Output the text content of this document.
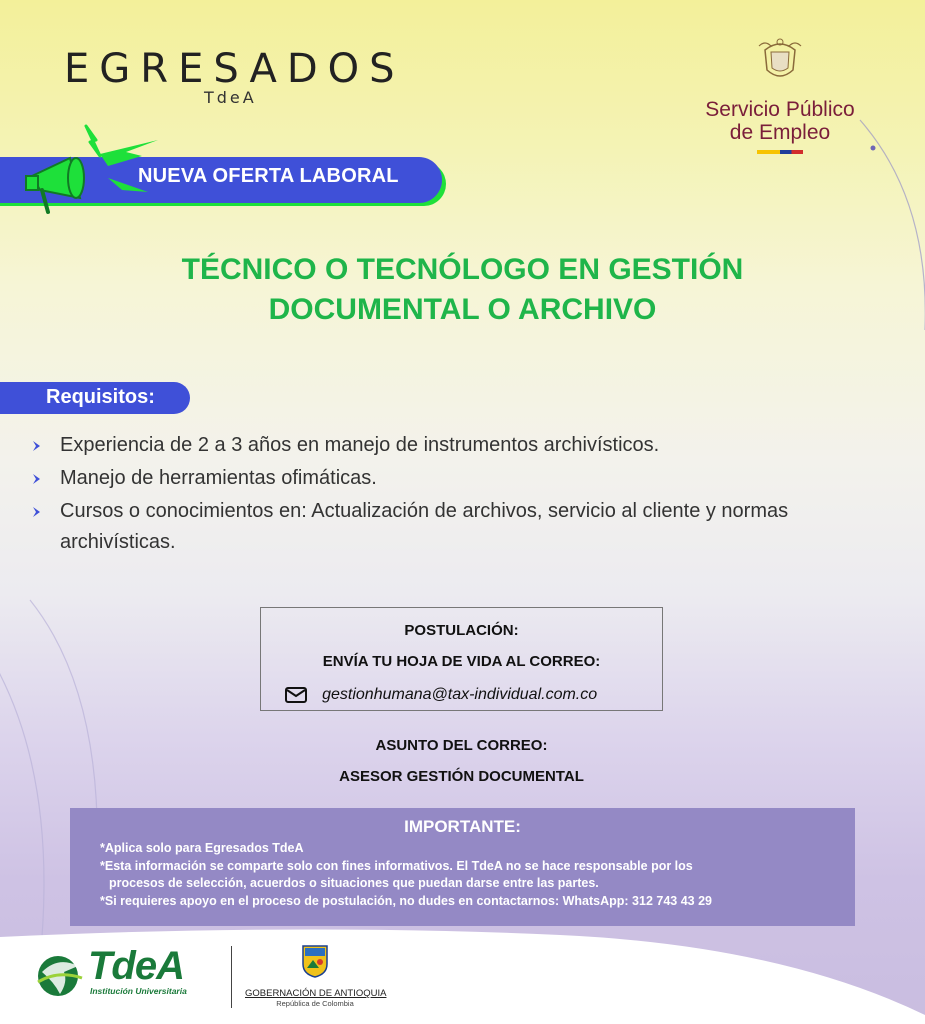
EGRESADOS
TdeA
Servicio Público
de Empleo
NUEVA OFERTA LABORAL
TÉCNICO O TECNÓLOGO EN GESTIÓN
DOCUMENTAL O ARCHIVO
Requisitos:
Experiencia de 2 a 3 años en manejo de instrumentos archivísticos.
Manejo de herramientas ofimáticas.
Cursos o conocimientos en: Actualización de archivos, servicio al cliente y normas archivísticas.
POSTULACIÓN:
ENVÍA TU HOJA DE VIDA AL CORREO:
gestionhumana@tax-individual.com.co
ASUNTO DEL CORREO:
ASESOR GESTIÓN DOCUMENTAL
IMPORTANTE:
*Aplica solo para Egresados TdeA
*Esta información se comparte solo con fines informativos. El TdeA no se hace responsable por los
procesos de selección, acuerdos o situaciones que puedan darse entre las partes.
*Si requieres apoyo en el proceso de postulación, no dudes en contactarnos: WhatsApp: 312 743 43 29
TdeA
Institución Universitaria	GOBERNACIÓN DE ANTIOQUIA
República de Colombia
